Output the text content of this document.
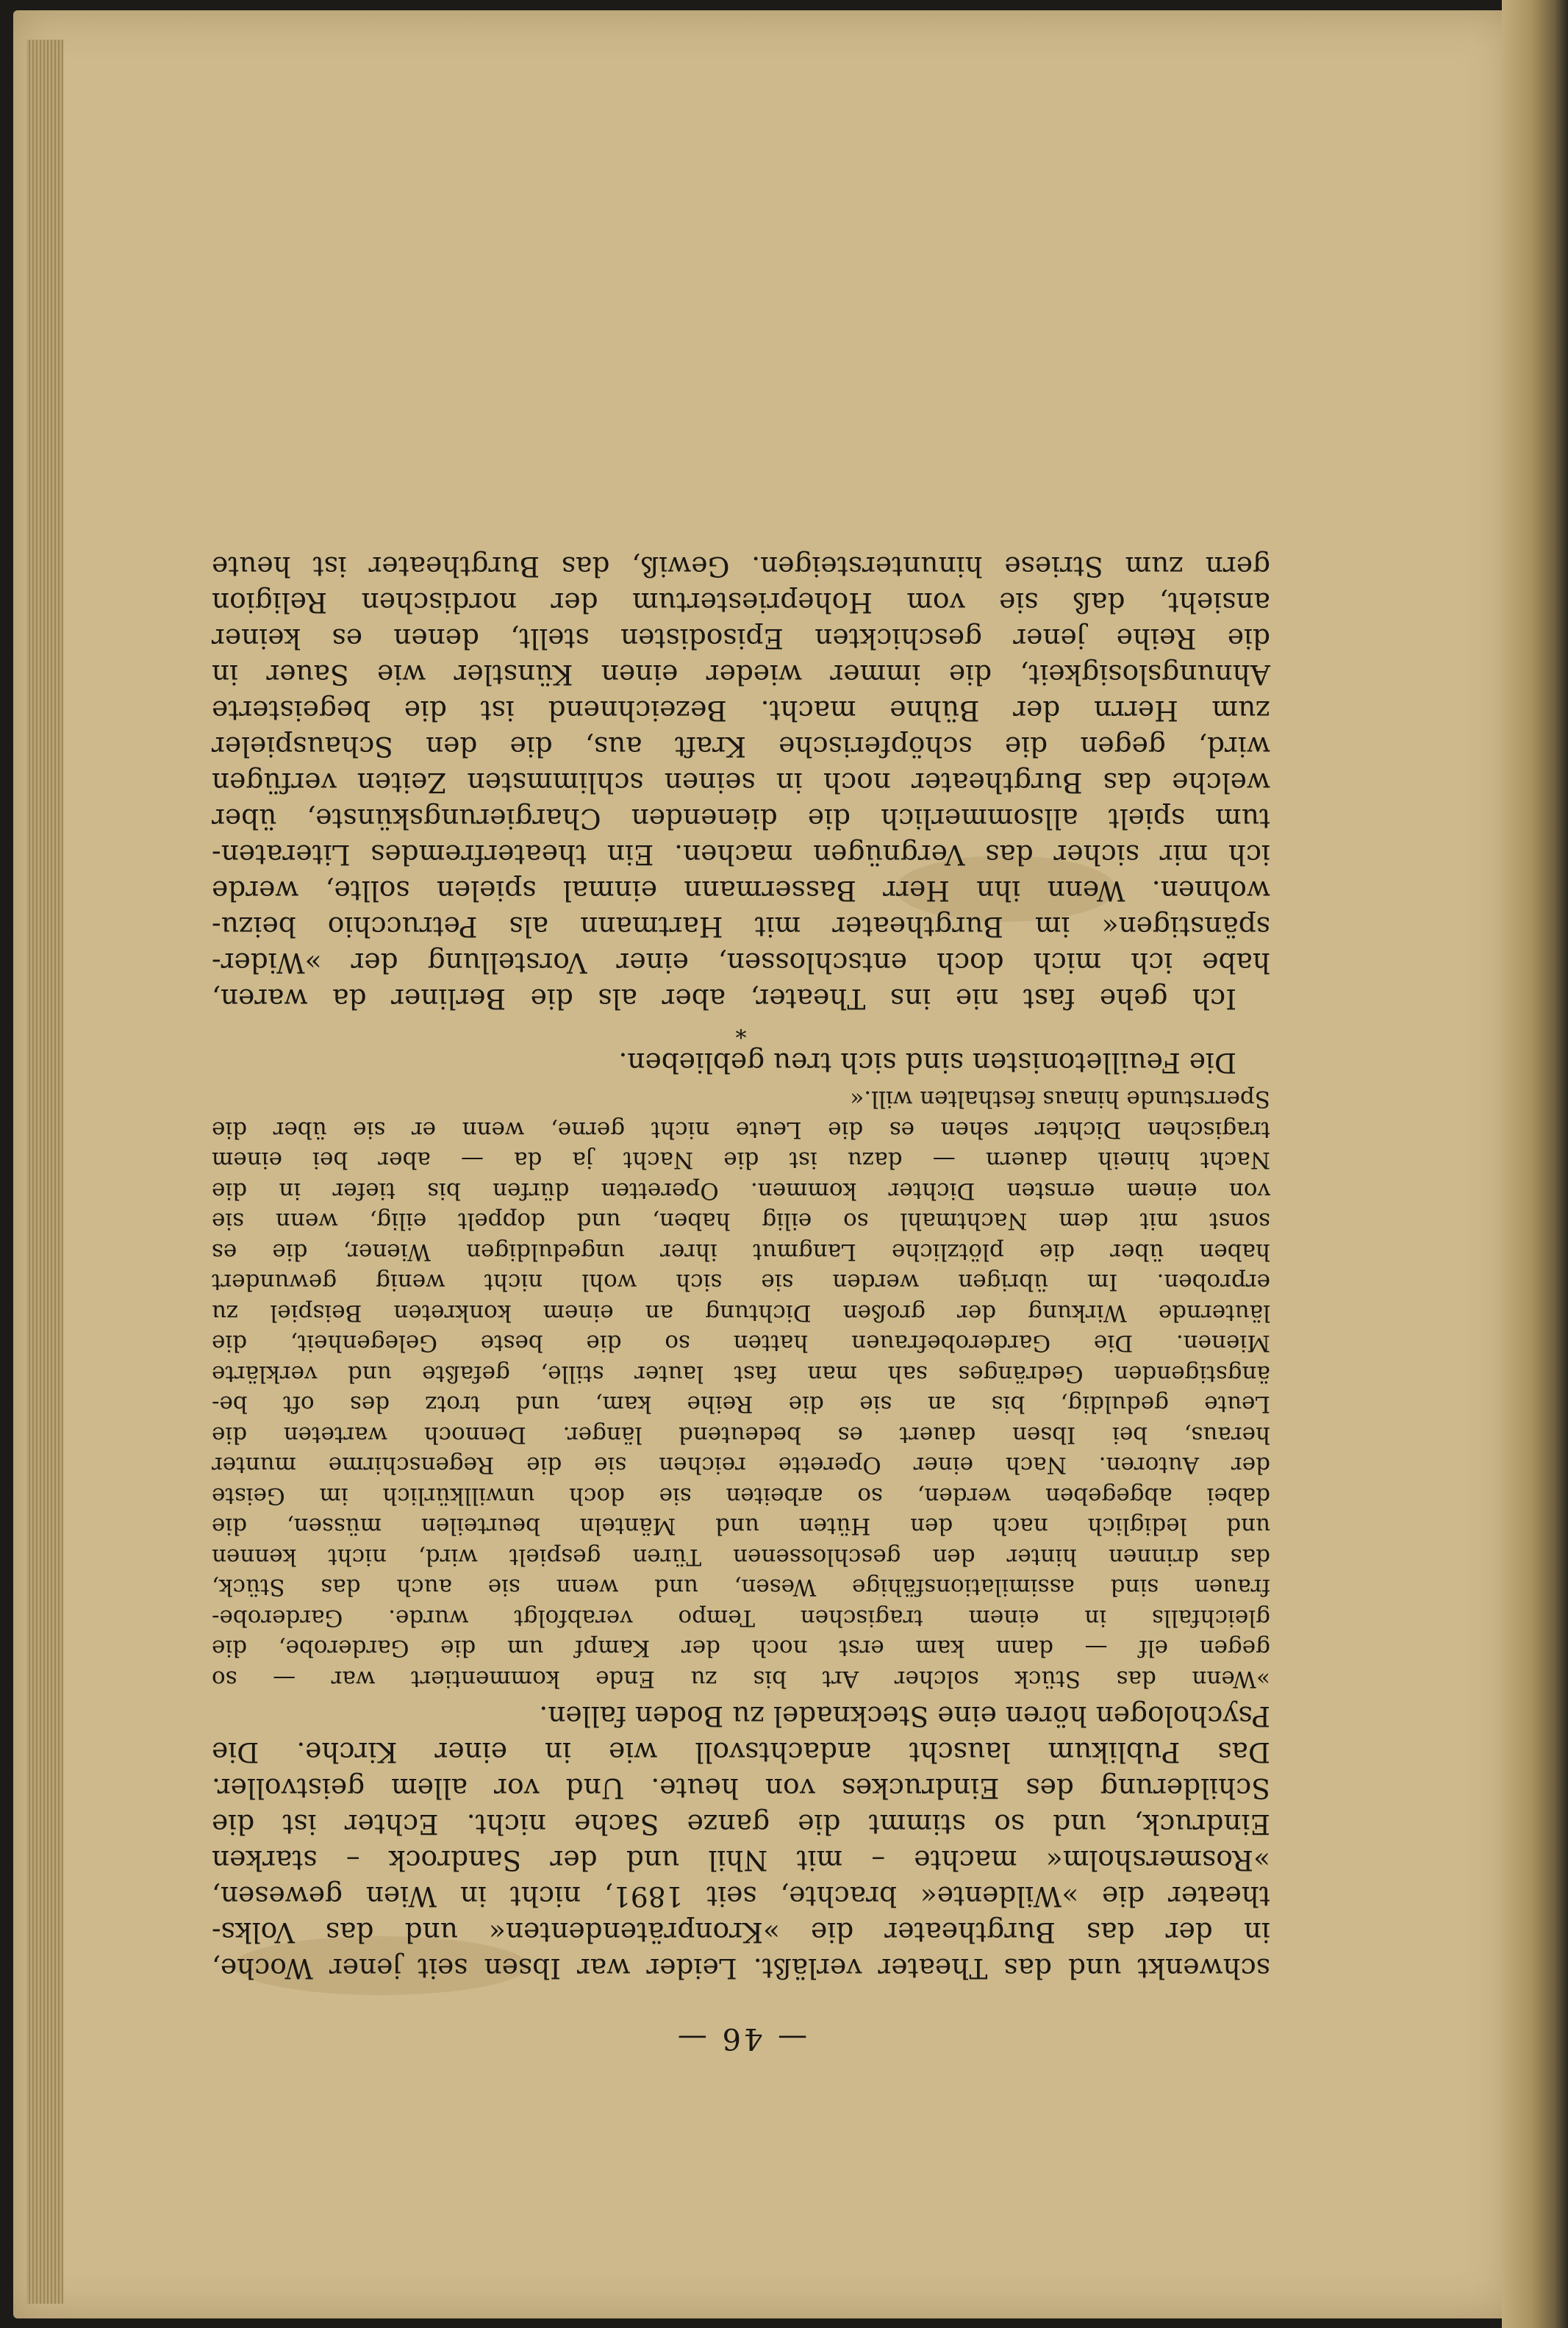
— 46 —

schwenkt und das Theater verläßt. Leider war Ibsen seit jener Woche,
in der das Burgtheater die »Kronprätendenten« und das Volks-
theater die »Wildente« brachte, seit 1891, nicht in Wien gewesen,
»Rosmersholm« machte – mit Nhil und der Sandrock – starken
Eindruck, und so stimmt die ganze Sache nicht. Echter ist die
Schilderung des Eindruckes von heute. Und vor allem geistvoller.
Das Publikum lauscht andachtsvoll wie in einer Kirche. Die
Psychologen hören eine Stecknadel zu Boden fallen.

»Wenn das Stück solcher Art bis zu Ende kommentiert war — so
gegen elf — dann kam erst noch der Kampf um die Garderobe, die
gleichfalls in einem tragischen Tempo verabfolgt wurde. Garderobe-
frauen sind assimilationsfähige Wesen, und wenn sie auch das Stück,
das drinnen hinter den geschlossenen Türen gespielt wird, nicht kennen
und lediglich nach den Hüten und Mänteln beurteilen müssen, die
dabei abgegeben werden, so arbeiten sie doch unwillkürlich im Geiste
der Autoren. Nach einer Operette reichen sie die Regenschirme munter
heraus, bei Ibsen dauert es bedeutend länger. Dennoch warteten die
Leute geduldig, bis an sie die Reihe kam, und trotz des oft be-
ängstigenden Gedränges sah man fast lauter stille, gefaßte und verklärte
Mienen. Die Garderobefrauen hatten so die beste Gelegenheit, die
läuternde Wirkung der großen Dichtung an einem konkreten Beispiel zu
erproben. Im übrigen werden sie sich wohl nicht wenig gewundert
haben über die plötzliche Langmut ihrer ungeduldigen Wiener, die es
sonst mit dem Nachtmahl so eilig haben, und doppelt eilig, wenn sie
von einem ernsten Dichter kommen. Operetten dürfen bis tiefer in die
Nacht hineih dauern — dazu ist die Nacht ja da — aber bei einem
tragischen Dichter sehen es die Leute nicht gerne, wenn er sie über die
Sperrstunde hinaus festhalten will.«

Die Feuilletonisten sind sich treu geblieben.

*

Ich gehe fast nie ins Theater, aber als die Berliner da waren,
habe ich mich doch entschlossen, einer Vorstellung der »Wider-
spänstigen« im Burgtheater mit Hartmann als Petrucchio beizu-
wohnen. Wenn ihn Herr Bassermann einmal spielen sollte, werde
ich mir sicher das Vergnügen machen. Ein theaterfremdes Literaten-
tum spielt allsommerlich die dienenden Chargierungskünste, über
welche das Burgtheater noch in seinen schlimmsten Zeiten verfügen
wird, gegen die schöpferische Kraft aus, die den Schauspieler
zum Herrn der Bühne macht. Bezeichnend ist die begeisterte
Ahnungslosigkeit, die immer wieder einen Künstler wie Sauer in
die Reihe jener geschickten Episodisten stellt, denen es keiner
ansieht, daß sie vom Hohepriestertum der nordischen Religion
gern zum Striese hinuntersteigen. Gewiß, das Burgtheater ist heute
